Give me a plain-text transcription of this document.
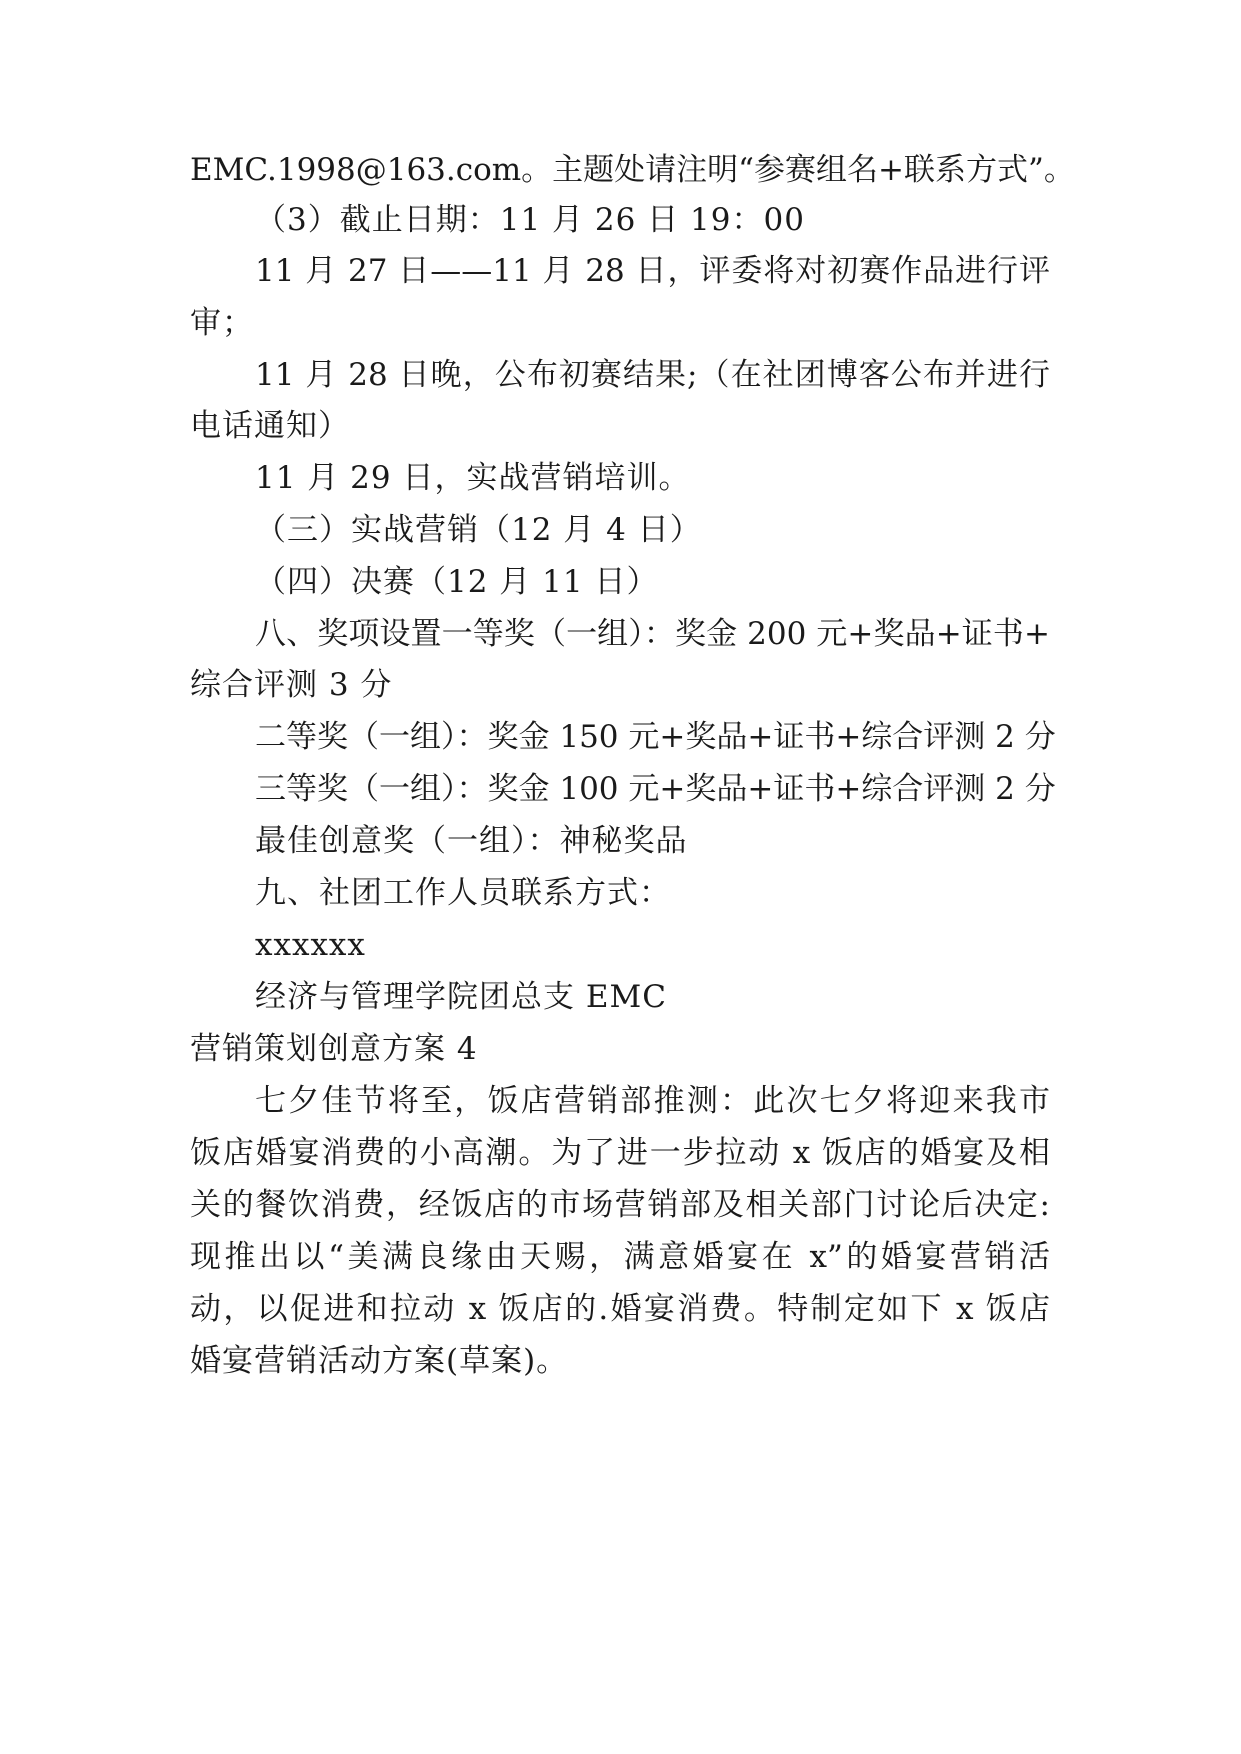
EMC.1998@163.com。主题处请注明“参赛组名+联系方式”。
（3）截止日期：11 月 26 日 19：00
11 月 27 日——11 月 28 日，评委将对初赛作品进行评
审；
11 月 28 日晚，公布初赛结果;（在社团博客公布并进行
电话通知）
11 月 29 日，实战营销培训。
（三）实战营销（12 月 4 日）
（四）决赛（12 月 11 日）
八、奖项设置一等奖（一组）：奖金 200 元+奖品+证书+
综合评测 3 分
二等奖（一组）：奖金 150 元+奖品+证书+综合评测 2 分
三等奖（一组）：奖金 100 元+奖品+证书+综合评测 2 分
最佳创意奖（一组）：神秘奖品
九、社团工作人员联系方式：
xxxxxx
经济与管理学院团总支 EMC
营销策划创意方案 4
七夕佳节将至，饭店营销部推测：此次七夕将迎来我市
饭店婚宴消费的小高潮。为了进一步拉动 x 饭店的婚宴及相
关的餐饮消费，经饭店的市场营销部及相关部门讨论后决定:
现推出以“美满良缘由天赐，满意婚宴在 x”的婚宴营销活
动，以促进和拉动 x 饭店的.婚宴消费。特制定如下 x 饭店
婚宴营销活动方案(草案)。
